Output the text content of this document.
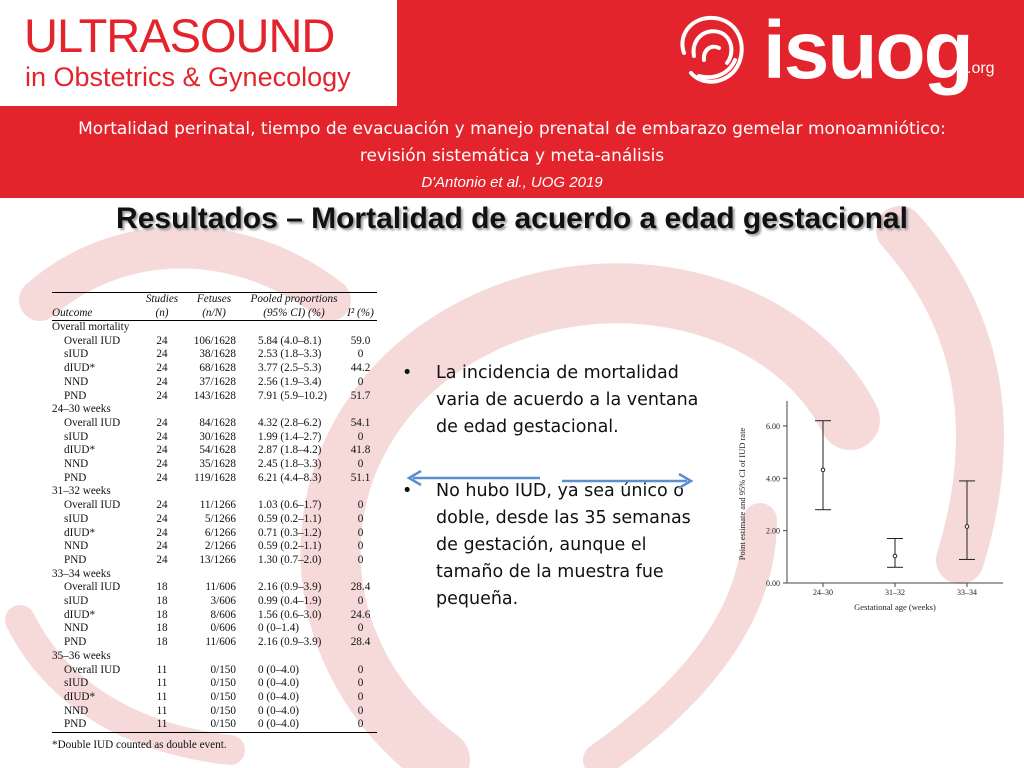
ULTRASOUND
in Obstetrics & Gynecology	isuog
.org
Mortalidad perinatal, tiempo de evacuación y manejo prenatal de embarazo gemelar monoamniótico:
revisión sistemática y meta-análisis
D'Antonio et al., UOG 2019
Resultados – Mortalidad de acuerdo a edad gestacional
	Studies	Fetuses	Pooled proportions	
Outcome	(n)	(n/N)	(95% CI) (%)	I² (%)
Overall mortality				
Overall IUD	24	106/1628	5.84 (4.0–8.1)	59.0
sIUD	24	38/1628	2.53 (1.8–3.3)	0
dIUD*	24	68/1628	3.77 (2.5–5.3)	44.2
NND	24	37/1628	2.56 (1.9–3.4)	0
PND	24	143/1628	7.91 (5.9–10.2)	51.7
24–30 weeks				
Overall IUD	24	84/1628	4.32 (2.8–6.2)	54.1
sIUD	24	30/1628	1.99 (1.4–2.7)	0
dIUD*	24	54/1628	2.87 (1.8–4.2)	41.8
NND	24	35/1628	2.45 (1.8–3.3)	0
PND	24	119/1628	6.21 (4.4–8.3)	51.1
31–32 weeks				
Overall IUD	24	11/1266	1.03 (0.6–1.7)	0
sIUD	24	5/1266	0.59 (0.2–1.1)	0
dIUD*	24	6/1266	0.71 (0.3–1.2)	0
NND	24	2/1266	0.59 (0.2–1.1)	0
PND	24	13/1266	1.30 (0.7–2.0)	0
33–34 weeks				
Overall IUD	18	11/606	2.16 (0.9–3.9)	28.4
sIUD	18	3/606	0.99 (0.4–1.9)	0
dIUD*	18	8/606	1.56 (0.6–3.0)	24.6
NND	18	0/606	0 (0–1.4)	0
PND	18	11/606	2.16 (0.9–3.9)	28.4
35–36 weeks				
Overall IUD	11	0/150	0 (0–4.0)	0
sIUD	11	0/150	0 (0–4.0)	0
dIUD*	11	0/150	0 (0–4.0)	0
NND	11	0/150	0 (0–4.0)	0
PND	11	0/150	0 (0–4.0)	0
*Double IUD counted as double event.
• La incidencia de mortalidad varia de acuerdo a la ventana de edad gestacional.
• No hubo IUD, ya sea único o doble, desde las 35 semanas de gestación, aunque el tamaño de la muestra fue pequeña.
0.00
2.00
4.00
6.00
24–30	31–32	33–34
Gestational age (weeks)
Point estimate and 95% CI of IUD rate
